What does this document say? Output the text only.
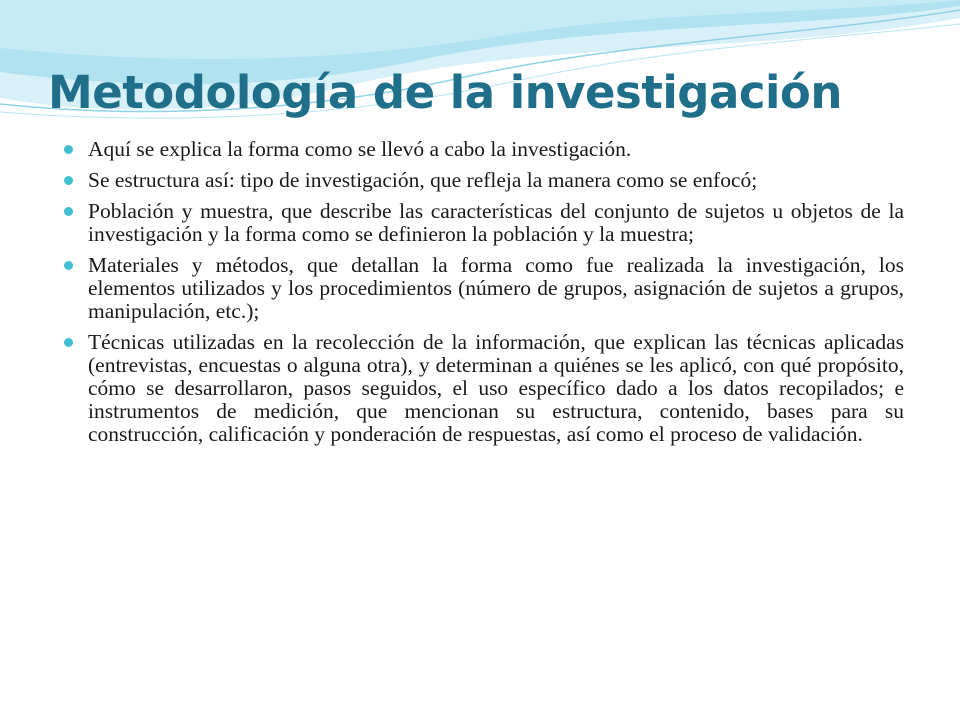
Metodología de la investigación
Aquí se explica la forma como se llevó a cabo la investigación.
Se estructura así: tipo de investigación, que refleja la manera como se enfocó;
Población y muestra, que describe las características del conjunto de sujetos u objetos de la investigación y la forma como se definieron la población y la muestra;
Materiales y métodos, que detallan la forma como fue realizada la investigación, los elementos utilizados y los procedimientos (número de grupos, asignación de sujetos a grupos, manipulación, etc.);
Técnicas utilizadas en la recolección de la información, que explican las técnicas aplicadas (entrevistas, encuestas o alguna otra), y determinan a quiénes se les aplicó, con qué propósito, cómo se desarrollaron, pasos seguidos, el uso específico dado a los datos recopilados; e instrumentos de medición, que mencionan su estructura, contenido, bases para su construcción, calificación y ponderación de respuestas, así como el proceso de validación.
